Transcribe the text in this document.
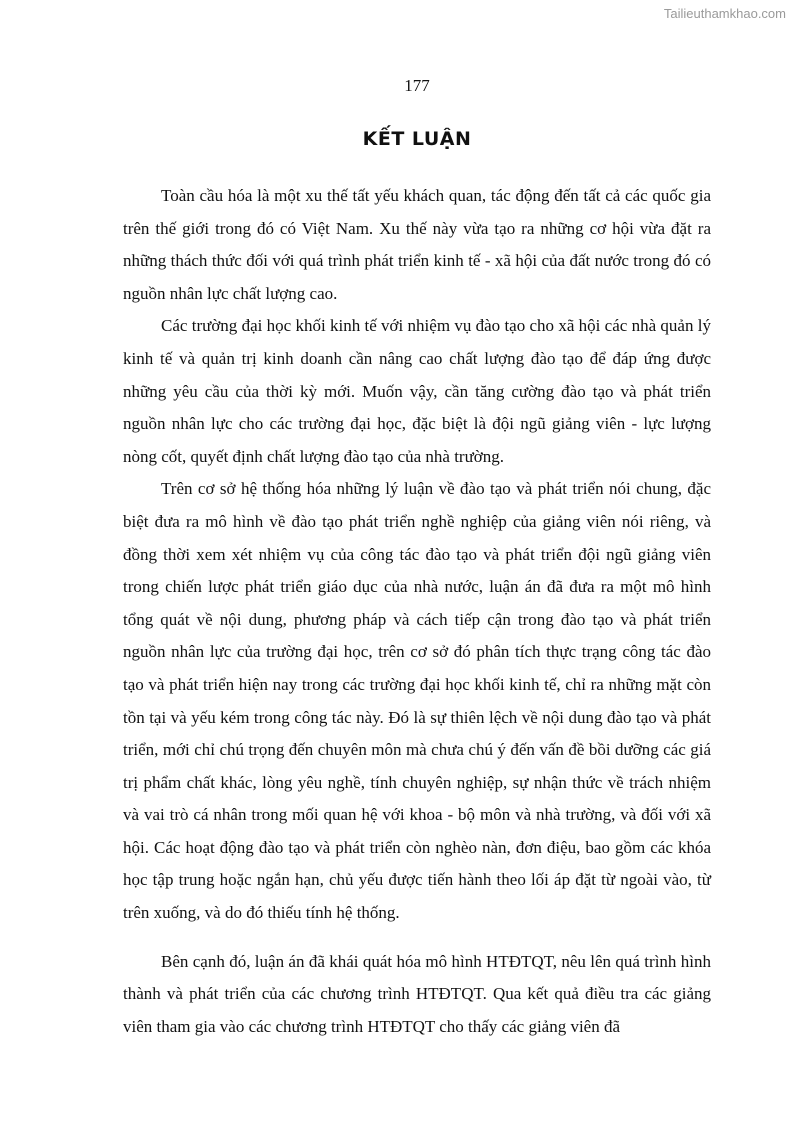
Tailieuthamkhao.com
177
KẾT LUẬN

Toàn cầu hóa là một xu thế tất yếu khách quan, tác động đến tất cả các quốc gia trên thế giới trong đó có Việt Nam. Xu thế này vừa tạo ra những cơ hội vừa đặt ra những thách thức đối với quá trình phát triển kinh tế - xã hội của đất nước trong đó có nguồn nhân lực chất lượng cao.

Các trường đại học khối kinh tế với nhiệm vụ đào tạo cho xã hội các nhà quản lý kinh tế và quản trị kinh doanh cần nâng cao chất lượng đào tạo để đáp ứng được những yêu cầu của thời kỳ mới. Muốn vậy, cần tăng cường đào tạo và phát triển nguồn nhân lực cho các trường đại học, đặc biệt là đội ngũ giảng viên - lực lượng nòng cốt, quyết định chất lượng đào tạo của nhà trường.

Trên cơ sở hệ thống hóa những lý luận về đào tạo và phát triển nói chung, đặc biệt đưa ra mô hình về đào tạo phát triển nghề nghiệp của giảng viên nói riêng, và đồng thời xem xét nhiệm vụ của công tác đào tạo và phát triển đội ngũ giảng viên trong chiến lược phát triển giáo dục của nhà nước, luận án đã đưa ra một mô hình tổng quát về nội dung, phương pháp và cách tiếp cận trong đào tạo và phát triển nguồn nhân lực của trường đại học, trên cơ sở đó phân tích thực trạng công tác đào tạo và phát triển hiện nay trong các trường đại học khối kinh tế, chỉ ra những mặt còn tồn tại và yếu kém trong công tác này. Đó là sự thiên lệch về nội dung đào tạo và phát triển, mới chỉ chú trọng đến chuyên môn mà chưa chú ý đến vấn đề bồi dưỡng các giá trị phẩm chất khác, lòng yêu nghề, tính chuyên nghiệp, sự nhận thức về trách nhiệm và vai trò cá nhân trong mối quan hệ với khoa - bộ môn và nhà trường, và đối với xã hội. Các hoạt động đào tạo và phát triển còn nghèo nàn, đơn điệu, bao gồm các khóa học tập trung hoặc ngắn hạn, chủ yếu được tiến hành theo lối áp đặt từ ngoài vào, từ trên xuống, và do đó thiếu tính hệ thống.

Bên cạnh đó, luận án đã khái quát hóa mô hình HTĐTQT, nêu lên quá trình hình thành và phát triển của các chương trình HTĐTQT. Qua kết quả điều tra các giảng viên tham gia vào các chương trình HTĐTQT cho thấy các giảng viên đã
